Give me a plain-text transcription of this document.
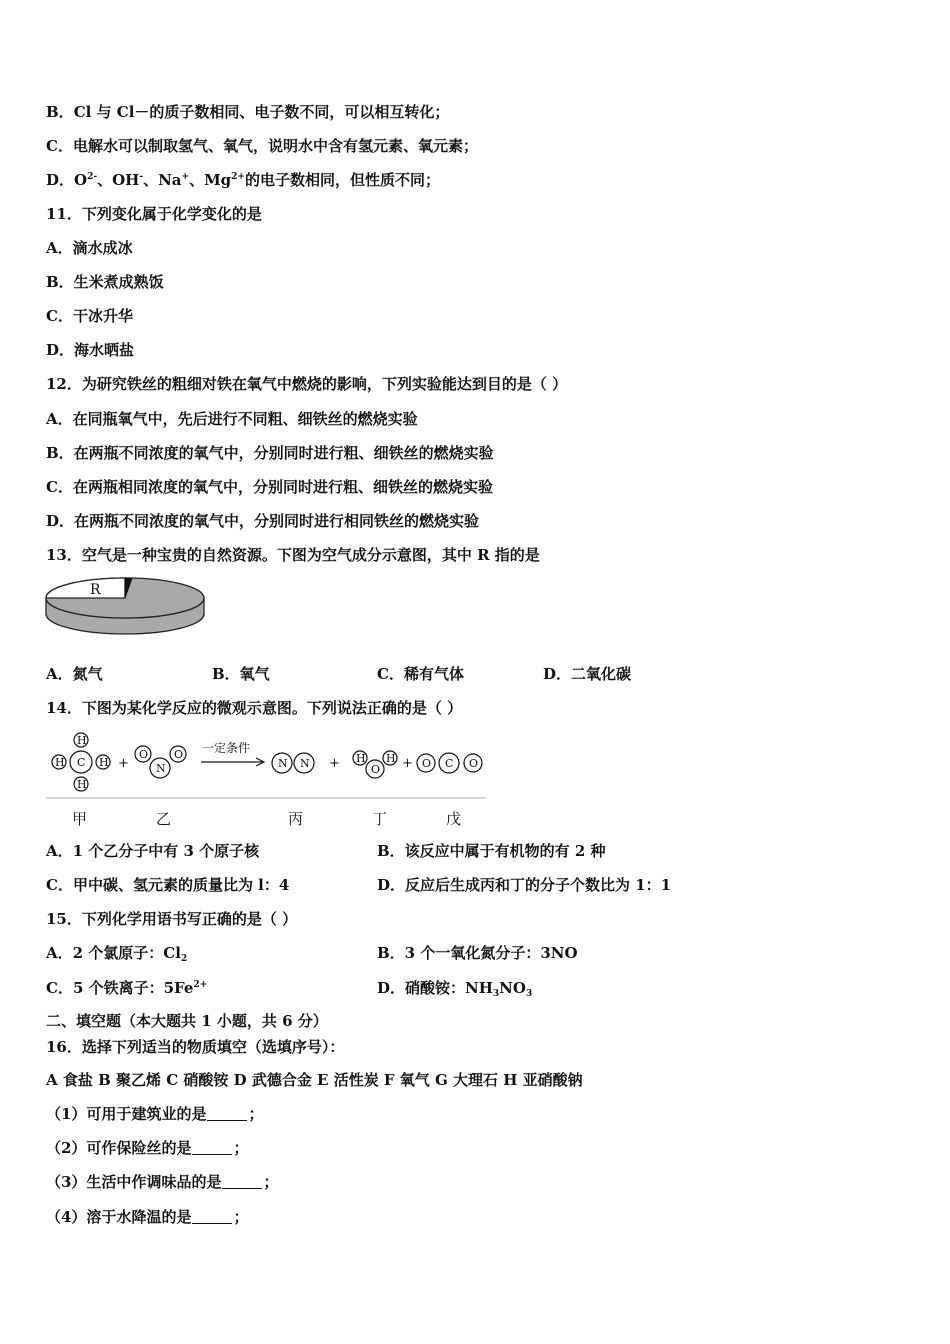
B．Cl 与 Cl－的质子数相同、电子数不同，可以相互转化；
C．电解水可以制取氢气、氧气，说明水中含有氢元素、氧元素；
D．$O^{2-}$、OH-、Na+、$Mg^{2+}$的电子数相同，但性质不同；
11．下列变化属于化学变化的是
A．滴水成冰
B．生米煮成熟饭
C．干冰升华
D．海水晒盐
12．为研究铁丝的粗细对铁在氧气中燃烧的影响，下列实验能达到目的是（ ）
A．在同瓶氧气中，先后进行不同粗、细铁丝的燃烧实验
B．在两瓶不同浓度的氧气中，分别同时进行粗、细铁丝的燃烧实验
C．在两瓶相同浓度的氧气中，分别同时进行粗、细铁丝的燃烧实验
D．在两瓶不同浓度的氧气中，分别同时进行相同铁丝的燃烧实验
13．空气是一种宝贵的自然资源。下图为空气成分示意图，其中 R 指的是
R
A．氮气	B．氧气	C．稀有气体	D．二氧化碳
14．下图为某化学反应的微观示意图。下列说法正确的是（ ）
C
H
H
H	H + N
O O 一定条件
N N +	O
H H + O C O
甲	乙	丙	丁	戊
A．1 个乙分子中有 3 个原子核	B．该反应中属于有机物的有 2 种
C．甲中碳、氢元素的质量比为 l：4	D．反应后生成丙和丁的分子个数比为 1：1
15．下列化学用语书写正确的是（ ）
A．2 个氯原子：$Cl_2$	B．3 个一氧化氮分子：3NO
C．5 个铁离子：$5Fe^{2+}$	D．硝酸铵：$NH_3NO_3$
二、填空题（本大题共 1 小题，共 6 分）
16．选择下列适当的物质填空（选填序号）：
A 食盐 B 聚乙烯 C 硝酸铵 D 武德合金 E 活性炭 F 氧气 G 大理石 H 亚硝酸钠
（1）可用于建筑业的是	；
（2）可作保险丝的是	；
（3）生活中作调味品的是	；
（4）溶于水降温的是	；
